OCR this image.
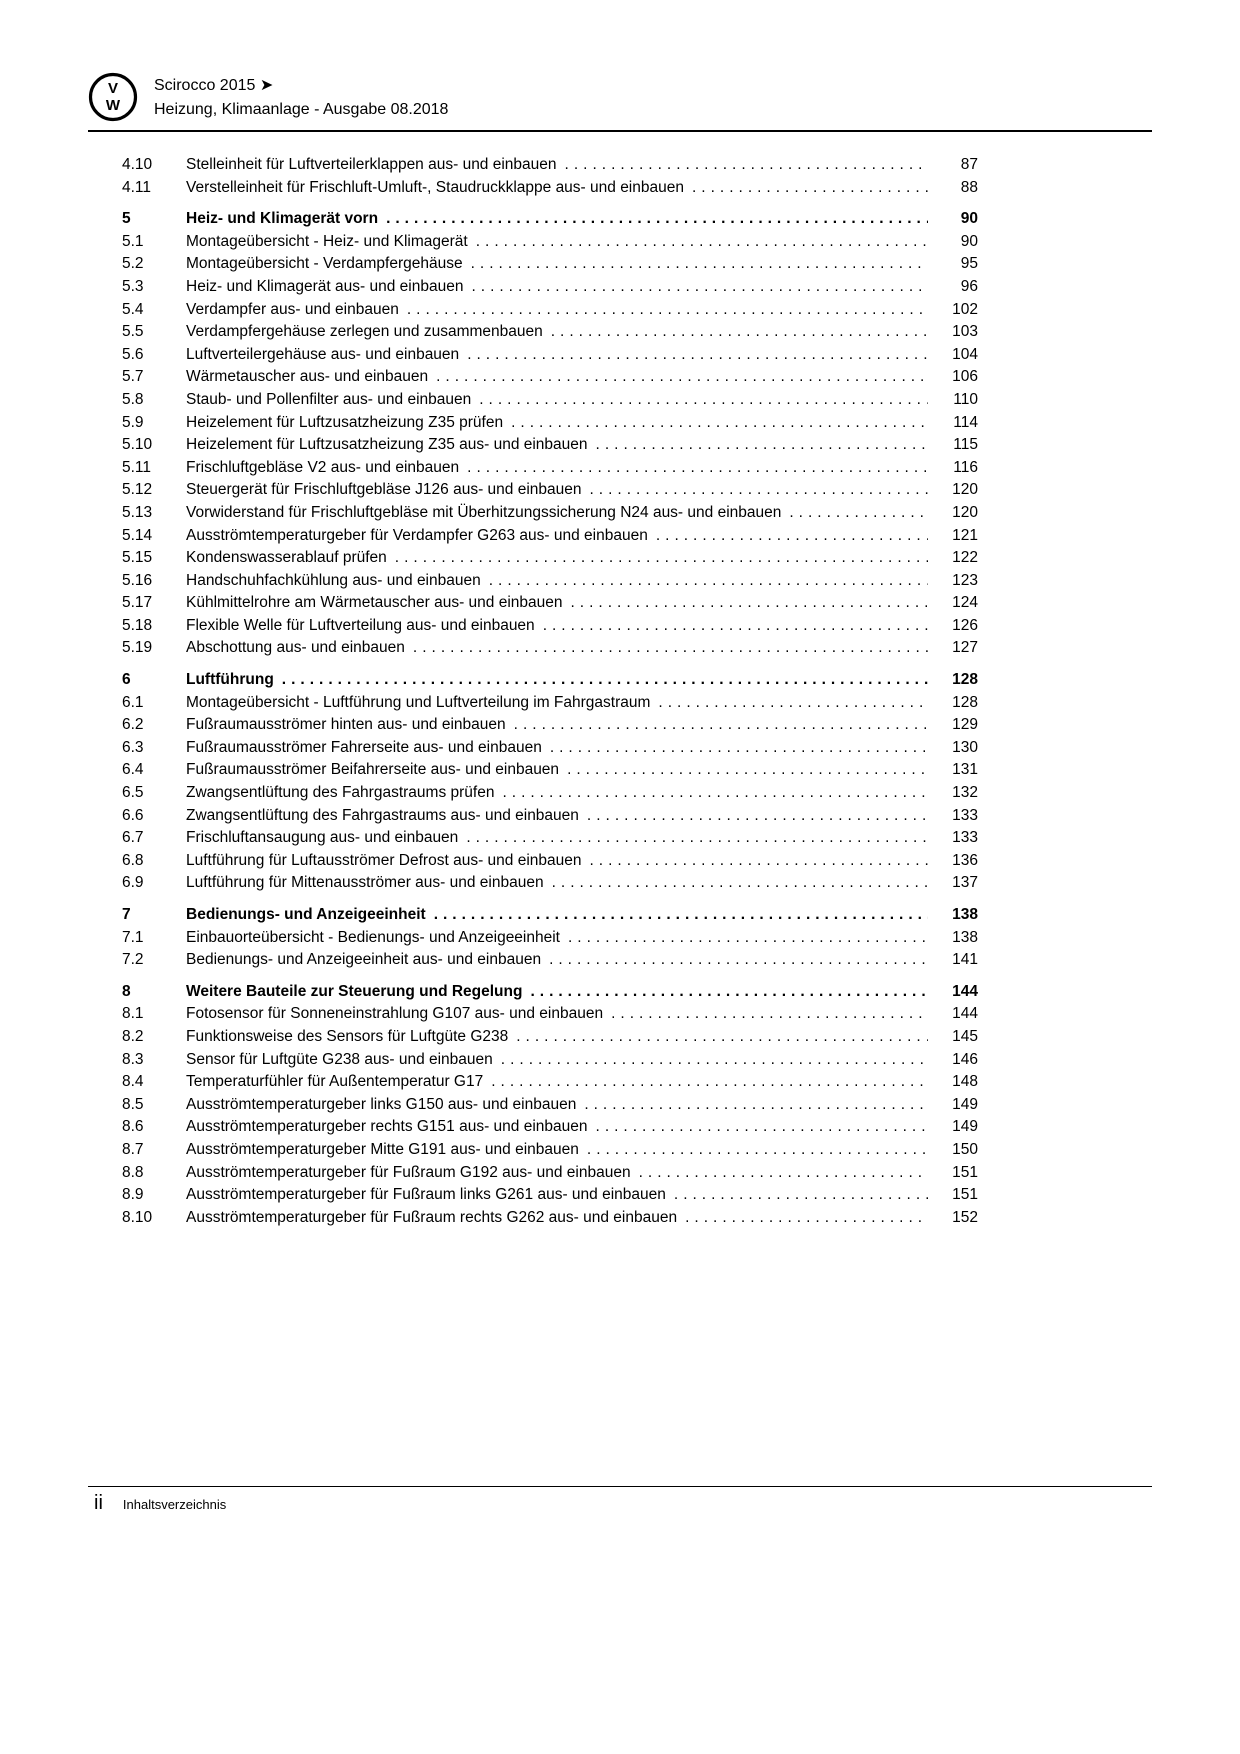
V
W
Scirocco 2015 ➤
Heizung, Klimaanlage - Ausgabe 08.2018
4.10	Stelleinheit für Luftverteilerklappen aus- und einbauen .....	87
4.11	Verstelleinheit für Frischluft-Umluft-, Staudruckklappe aus- und einbauen .....	88
5	Heiz- und Klimagerät vorn .....	90
5.1	Montageübersicht - Heiz- und Klimagerät .....	90
5.2	Montageübersicht - Verdampfergehäuse .....	95
5.3	Heiz- und Klimagerät aus- und einbauen .....	96
5.4	Verdampfer aus- und einbauen .....	102
5.5	Verdampfergehäuse zerlegen und zusammenbauen .....	103
5.6	Luftverteilergehäuse aus- und einbauen .....	104
5.7	Wärmetauscher aus- und einbauen .....	106
5.8	Staub- und Pollenfilter aus- und einbauen .....	110
5.9	Heizelement für Luftzusatzheizung Z35 prüfen .....	114
5.10	Heizelement für Luftzusatzheizung Z35 aus- und einbauen .....	115
5.11	Frischluftgebläse V2 aus- und einbauen .....	116
5.12	Steuergerät für Frischluftgebläse J126 aus- und einbauen .....	120
5.13	Vorwiderstand für Frischluftgebläse mit Überhitzungssicherung N24 aus- und einbauen .....	120
5.14	Ausströmtemperaturgeber für Verdampfer G263 aus- und einbauen .....	121
5.15	Kondenswasserablauf prüfen .....	122
5.16	Handschuhfachkühlung aus- und einbauen .....	123
5.17	Kühlmittelrohre am Wärmetauscher aus- und einbauen .....	124
5.18	Flexible Welle für Luftverteilung aus- und einbauen .....	126
5.19	Abschottung aus- und einbauen .....	127
6	Luftführung .....	128
6.1	Montageübersicht - Luftführung und Luftverteilung im Fahrgastraum .....	128
6.2	Fußraumausströmer hinten aus- und einbauen .....	129
6.3	Fußraumausströmer Fahrerseite aus- und einbauen .....	130
6.4	Fußraumausströmer Beifahrerseite aus- und einbauen .....	131
6.5	Zwangsentlüftung des Fahrgastraums prüfen .....	132
6.6	Zwangsentlüftung des Fahrgastraums aus- und einbauen .....	133
6.7	Frischluftansaugung aus- und einbauen .....	133
6.8	Luftführung für Luftausströmer Defrost aus- und einbauen .....	136
6.9	Luftführung für Mittenausströmer aus- und einbauen .....	137
7	Bedienungs- und Anzeigeeinheit .....	138
7.1	Einbauorteübersicht - Bedienungs- und Anzeigeeinheit .....	138
7.2	Bedienungs- und Anzeigeeinheit aus- und einbauen .....	141
8	Weitere Bauteile zur Steuerung und Regelung .....	144
8.1	Fotosensor für Sonneneinstrahlung G107 aus- und einbauen .....	144
8.2	Funktionsweise des Sensors für Luftgüte G238 .....	145
8.3	Sensor für Luftgüte G238 aus- und einbauen .....	146
8.4	Temperaturfühler für Außentemperatur G17 .....	148
8.5	Ausströmtemperaturgeber links G150 aus- und einbauen .....	149
8.6	Ausströmtemperaturgeber rechts G151 aus- und einbauen .....	149
8.7	Ausströmtemperaturgeber Mitte G191 aus- und einbauen .....	150
8.8	Ausströmtemperaturgeber für Fußraum G192 aus- und einbauen .....	151
8.9	Ausströmtemperaturgeber für Fußraum links G261 aus- und einbauen .....	151
8.10	Ausströmtemperaturgeber für Fußraum rechts G262 aus- und einbauen .....	152
ii Inhaltsverzeichnis
